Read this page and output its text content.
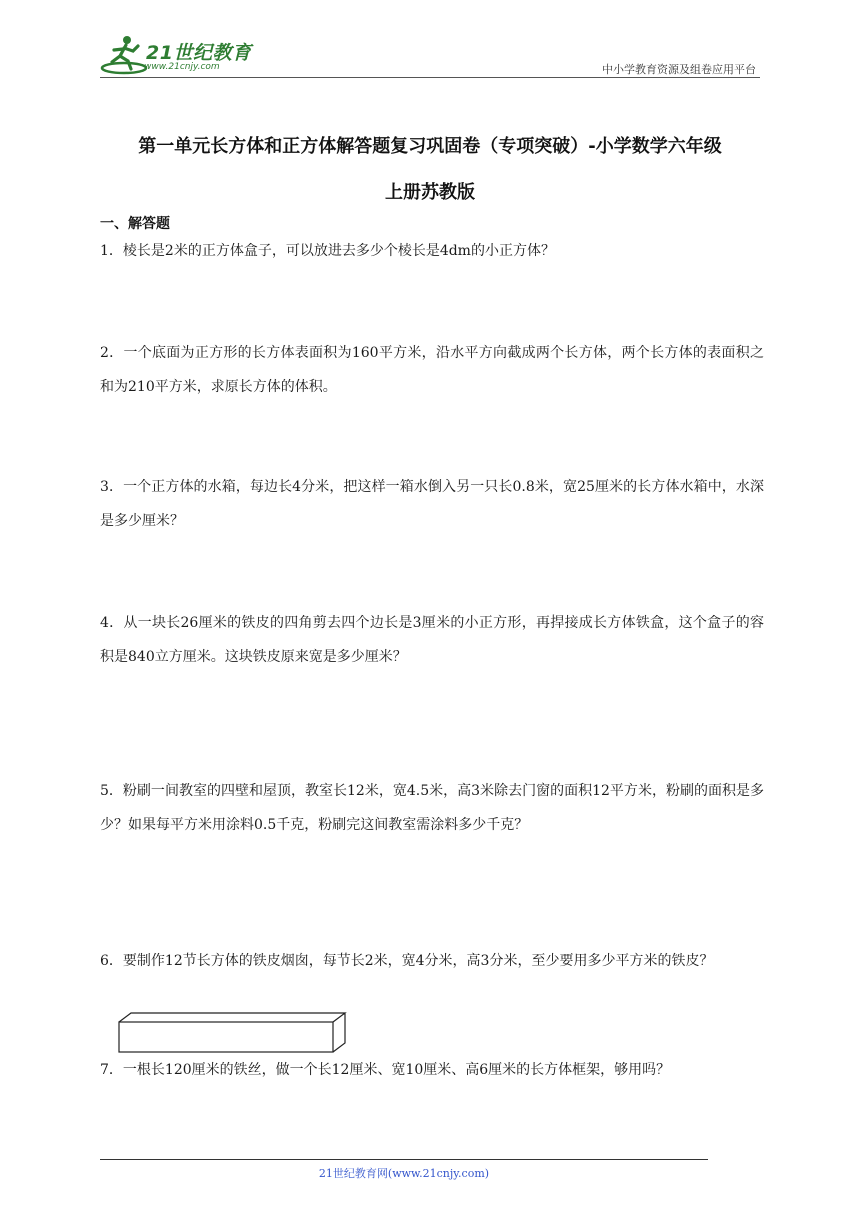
21世纪教育
www.21cnjy.com	中小学教育资源及组卷应用平台
第一单元长方体和正方体解答题复习巩固卷（专项突破）-小学数学六年级
上册苏教版
一、解答题
1．棱长是2米的正方体盒子，可以放进去多少个棱长是4dm的小正方体？
2．一个底面为正方形的长方体表面积为160平方米，沿水平方向截成两个长方体，两个长方体的表面积之和为210平方米，求原长方体的体积。
3．一个正方体的水箱，每边长4分米，把这样一箱水倒入另一只长0.8米，宽25厘米的长方体水箱中，水深是多少厘米？
4．从一块长26厘米的铁皮的四角剪去四个边长是3厘米的小正方形，再捍接成长方体铁盒，这个盒子的容积是840立方厘米。这块铁皮原来宽是多少厘米？
5．粉刷一间教室的四壁和屋顶，教室长12米，宽4.5米，高3米除去门窗的面积12平方米，粉刷的面积是多少？如果每平方米用涂料0.5千克，粉刷完这间教室需涂料多少千克？
6．要制作12节长方体的铁皮烟囱，每节长2米，宽4分米，高3分米，至少要用多少平方米的铁皮？
7．一根长120厘米的铁丝，做一个长12厘米、宽10厘米、高6厘米的长方体框架，够用吗？
21世纪教育网(www.21cnjy.com)
